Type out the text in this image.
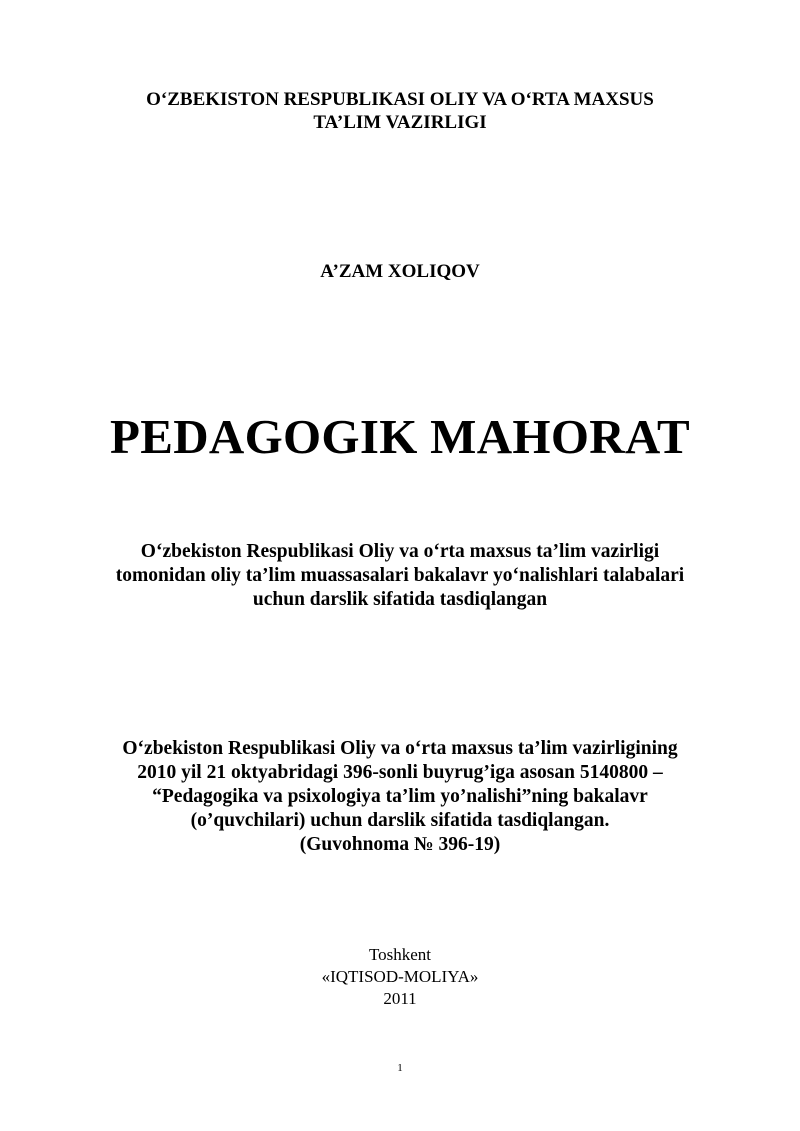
O‘ZBEKISTON RESPUBLIKASI OLIY VA O‘RTA MAXSUS
TA’LIM VAZIRLIGI
A’ZAM XOLIQOV
PEDAGOGIK MAHORAT
O‘zbekiston Respublikasi Oliy va o‘rta maxsus ta’lim vazirligi
tomonidan oliy ta’lim muassasalari bakalavr yo‘nalishlari talabalari
uchun darslik sifatida tasdiqlangan
O‘zbekiston Respublikasi Oliy va o‘rta maxsus ta’lim vazirligining
2010 yil 21 oktyabridagi 396-sonli buyrug’iga asosan 5140800 –
“Pedagogika va psixologiya ta’lim yo’nalishi”ning bakalavr
(o’quvchilari) uchun darslik sifatida tasdiqlangan.
(Guvohnoma № 396-19)
Toshkent
«IQTISOD-MOLIYA»
2011
1
